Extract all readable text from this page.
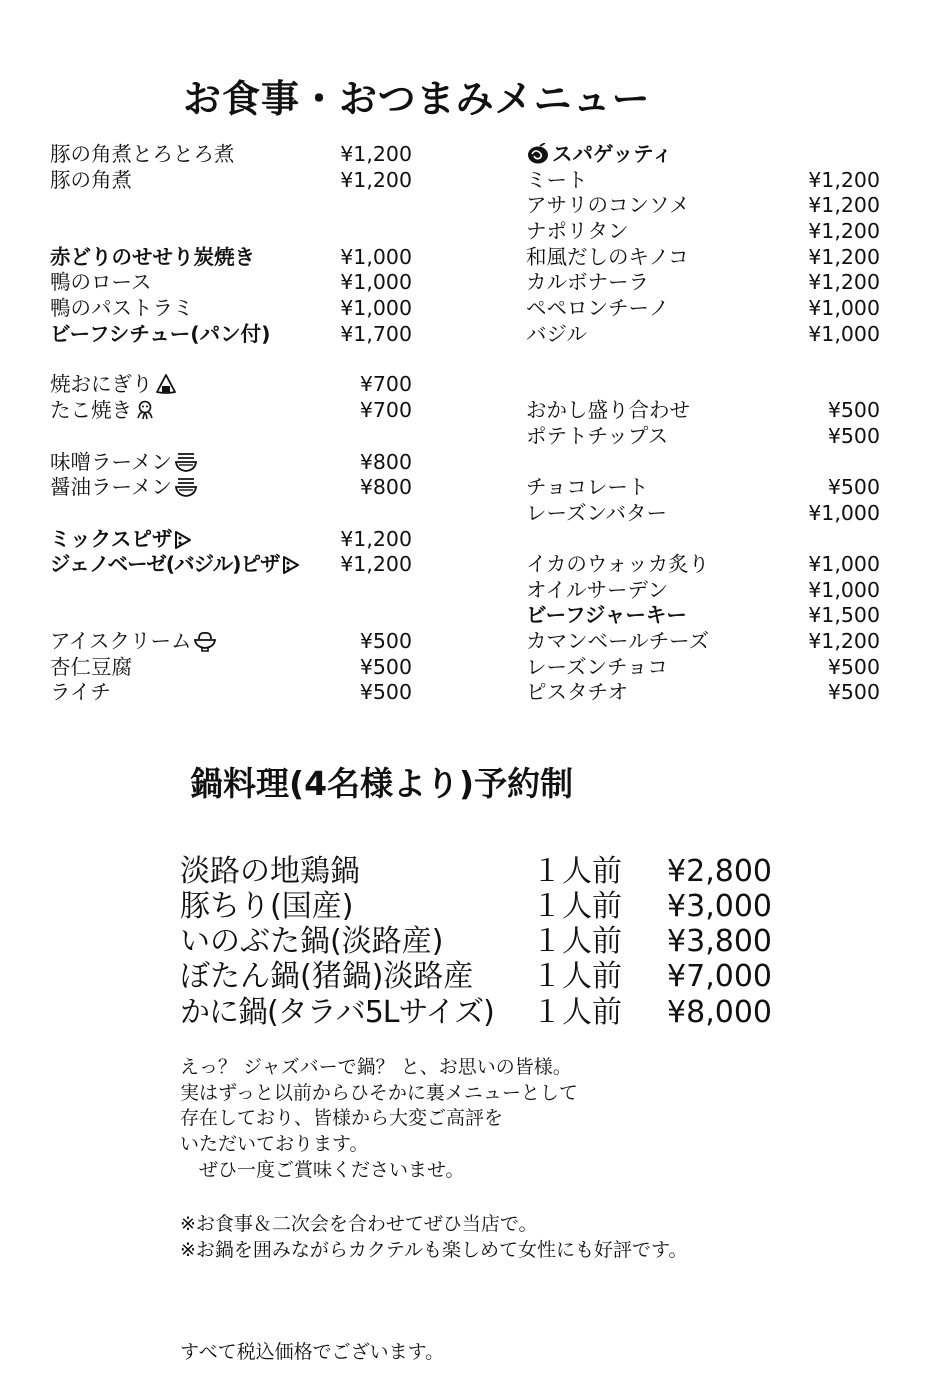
お食事・おつまみメニュー
豚の角煮とろとろ煮	¥1,200
豚の角煮	¥1,200
赤どりのせせり炭焼き	¥1,000
鴨のロース	¥1,000
鴨のパストラミ	¥1,000
ビーフシチュー(パン付)	¥1,700
焼おにぎり	¥700
たこ焼き	¥700
味噌ラーメン	¥800
醤油ラーメン	¥800
ミックスピザ	¥1,200
ジェノベーゼ(バジル)ピザ	¥1,200
アイスクリーム	¥500
杏仁豆腐	¥500
ライチ	¥500
スパゲッティ
ミート	¥1,200
アサリのコンソメ	¥1,200
ナポリタン	¥1,200
和風だしのキノコ	¥1,200
カルボナーラ	¥1,200
ペペロンチーノ	¥1,000
バジル	¥1,000
おかし盛り合わせ	¥500
ポテトチップス	¥500
チョコレート	¥500
レーズンバター	¥1,000
イカのウォッカ炙り	¥1,000
オイルサーデン	¥1,000
ビーフジャーキー	¥1,500
カマンベールチーズ	¥1,200
レーズンチョコ	¥500
ピスタチオ	¥500
鍋料理(4名様より)予約制
淡路の地鶏鍋	１人前 ¥2,800
豚ちり(国産)	１人前 ¥3,000
いのぶた鍋(淡路産)	１人前 ¥3,800
ぼたん鍋(猪鍋)淡路産 １人前 ¥7,000
かに鍋(タラバ5Lサイズ) １人前 ¥8,000
えっ？ ジャズバーで鍋？ と、お思いの皆様。
実はずっと以前からひそかに裏メニューとして
存在しており、皆様から大変ご高評を
いただいております。
　ぜひ一度ご賞味くださいませ。
※お食事＆二次会を合わせてぜひ当店で。
※お鍋を囲みながらカクテルも楽しめて女性にも好評です。
すべて税込価格でございます。
